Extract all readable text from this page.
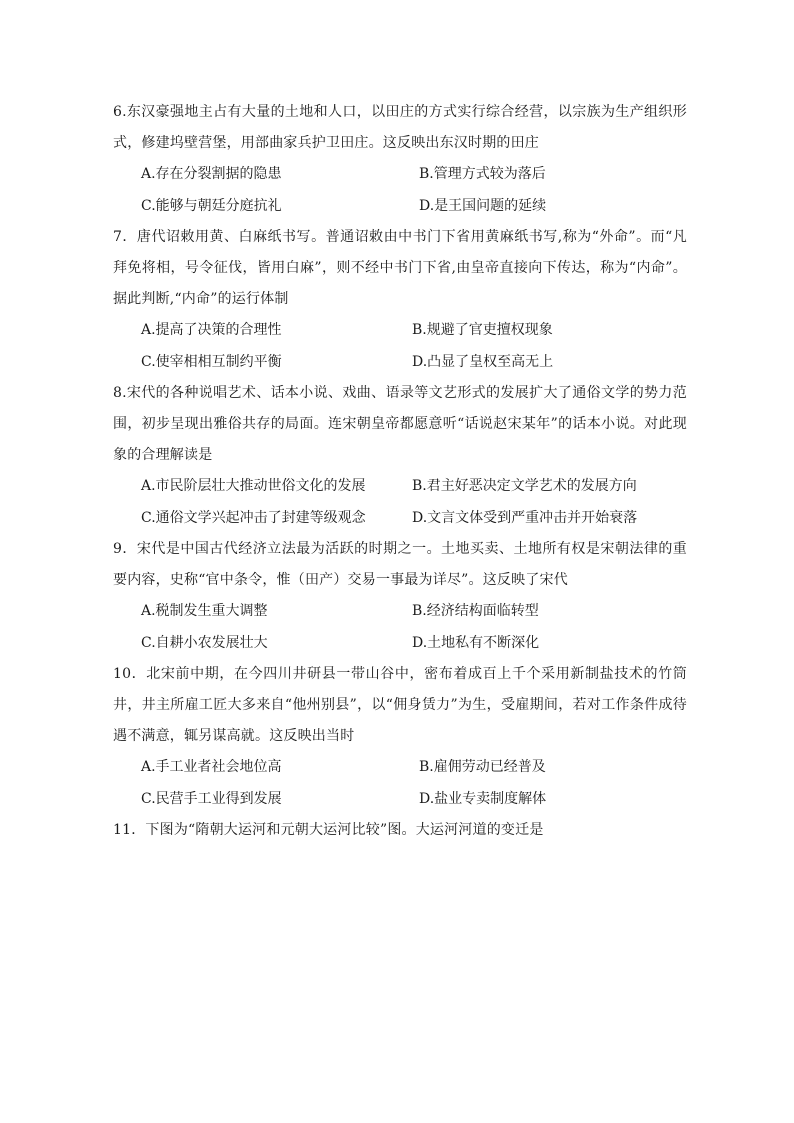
6.东汉豪强地主占有大量的土地和人口，以田庄的方式实行综合经营，以宗族为生产组织形式，修建坞壁营堡，用部曲家兵护卫田庄。这反映出东汉时期的田庄
A.存在分裂割据的隐患	B.管理方式较为落后
C.能够与朝廷分庭抗礼	D.是王国问题的延续
7．唐代诏敕用黄、白麻纸书写。普通诏敕由中书门下省用黄麻纸书写,称为“外命”。而“凡拜免将相，号令征伐，皆用白麻”，则不经中书门下省,由皇帝直接向下传达，称为“内命”。据此判断,“内命”的运行体制
A.提高了决策的合理性	B.规避了官吏擅权现象
C.使宰相相互制约平衡	D.凸显了皇权至高无上
8.宋代的各种说唱艺术、话本小说、戏曲、语录等文艺形式的发展扩大了通俗文学的势力范围，初步呈现出雅俗共存的局面。连宋朝皇帝都愿意听“话说赵宋某年”的话本小说。对此现象的合理解读是
A.市民阶层壮大推动世俗文化的发展	B.君主好恶决定文学艺术的发展方向
C.通俗文学兴起冲击了封建等级观念	D.文言文体受到严重冲击并开始衰落
9．宋代是中国古代经济立法最为活跃的时期之一。土地买卖、土地所有权是宋朝法律的重要内容，史称“官中条令，惟（田产）交易一事最为详尽”。这反映了宋代
A.税制发生重大调整	B.经济结构面临转型
C.自耕小农发展壮大	D.土地私有不断深化
10．北宋前中期，在今四川井研县一带山谷中，密布着成百上千个采用新制盐技术的竹筒井，井主所雇工匠大多来自“他州别县”，以“佣身赁力”为生，受雇期间，若对工作条件成待遇不满意，辄另谋高就。这反映出当时
A.手工业者社会地位高	B.雇佣劳动已经普及
C.民营手工业得到发展	D.盐业专卖制度解体
11．下图为“隋朝大运河和元朝大运河比较”图。大运河河道的变迁是
